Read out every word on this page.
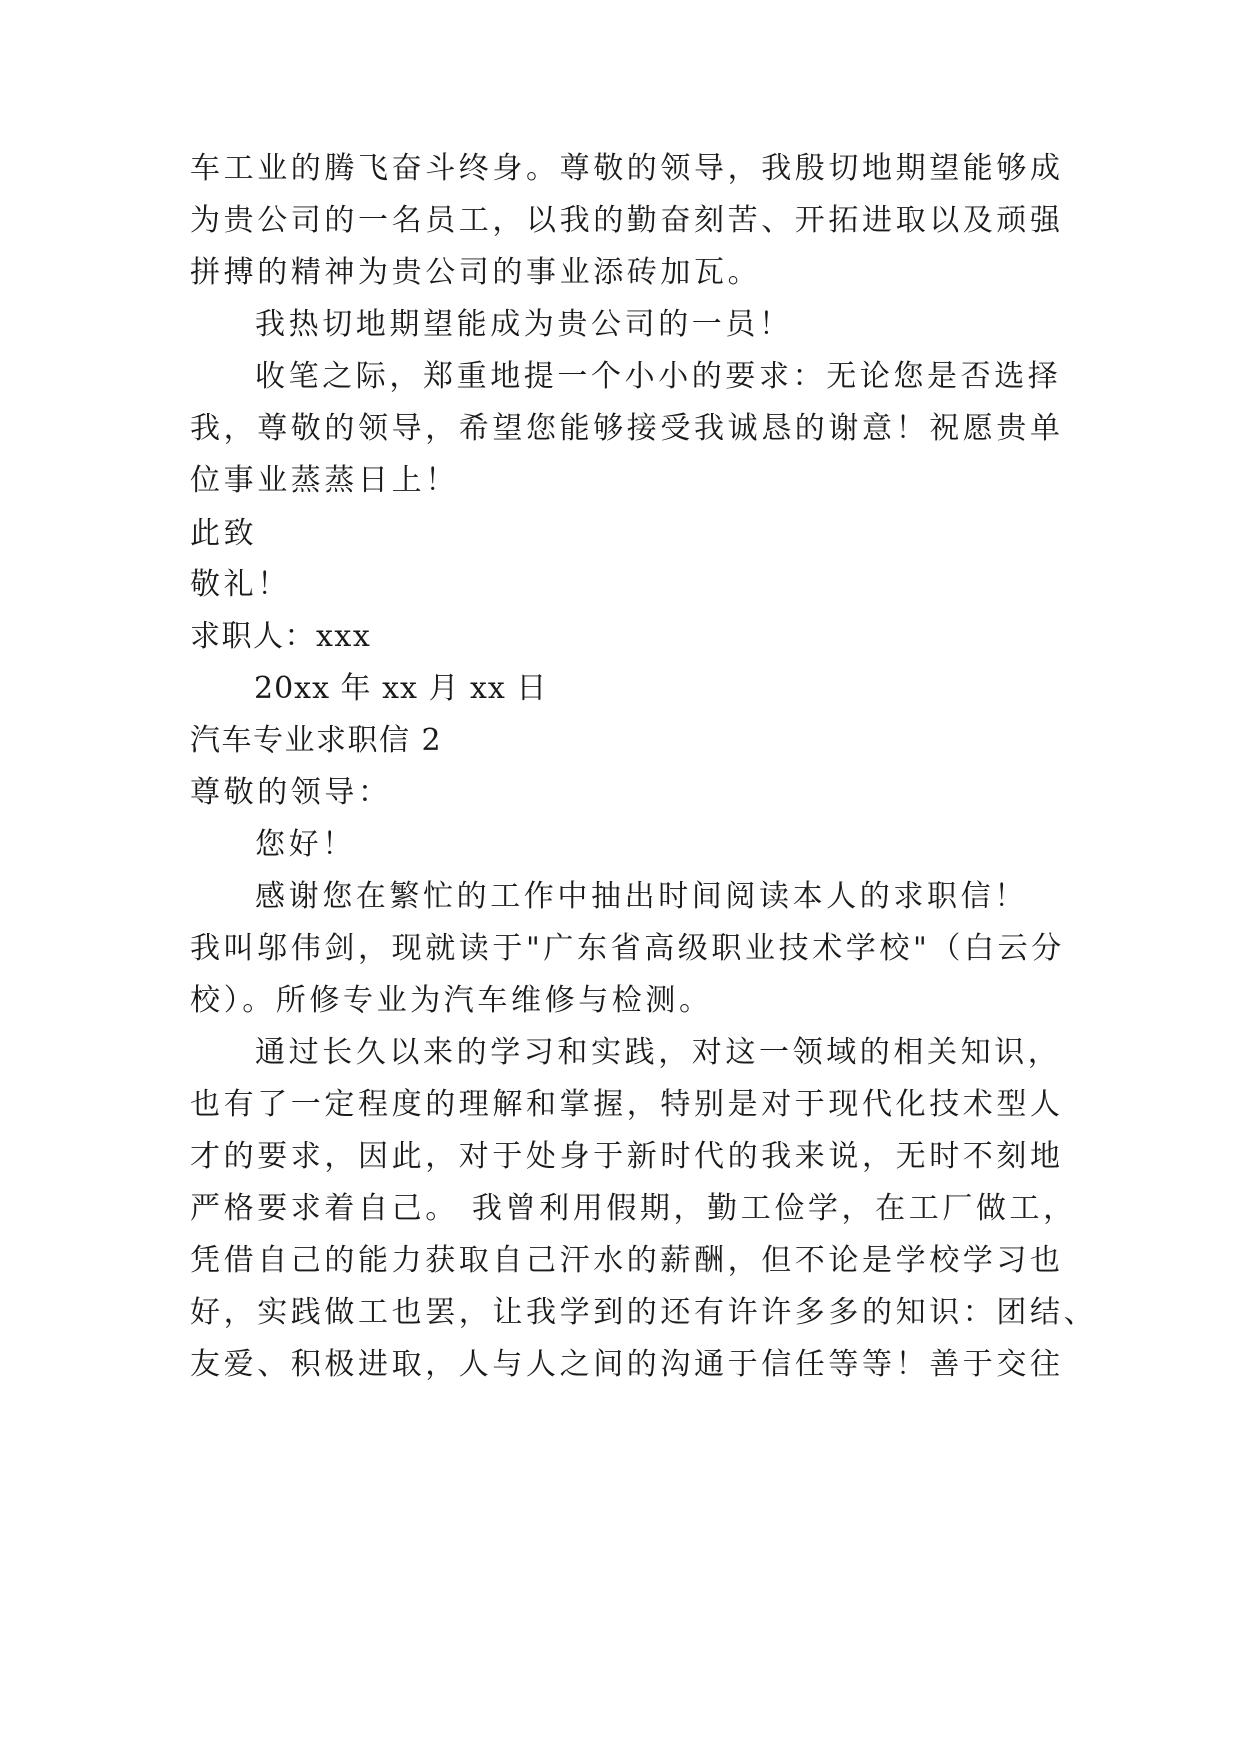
车工业的腾飞奋斗终身。尊敬的领导，我殷切地期望能够成
为贵公司的一名员工，以我的勤奋刻苦、开拓进取以及顽强
拼搏的精神为贵公司的事业添砖加瓦。
我热切地期望能成为贵公司的一员！
收笔之际，郑重地提一个小小的要求：无论您是否选择
我，尊敬的领导，希望您能够接受我诚恳的谢意！祝愿贵单
位事业蒸蒸日上！
此致
敬礼！
求职人：xxx
20xx 年 xx 月 xx 日
汽车专业求职信 2
尊敬的领导：
您好！
感谢您在繁忙的工作中抽出时间阅读本人的求职信！
我叫邬伟剑，现就读于"广东省高级职业技术学校"（白云分
校）。所修专业为汽车维修与检测。
通过长久以来的学习和实践，对这一领域的相关知识，
也有了一定程度的理解和掌握，特别是对于现代化技术型人
才的要求，因此，对于处身于新时代的我来说，无时不刻地
严格要求着自己。 我曾利用假期，勤工俭学，在工厂做工，
凭借自己的能力获取自己汗水的薪酬，但不论是学校学习也
好，实践做工也罢，让我学到的还有许许多多的知识：团结、
友爱、积极进取，人与人之间的沟通于信任等等！善于交往
